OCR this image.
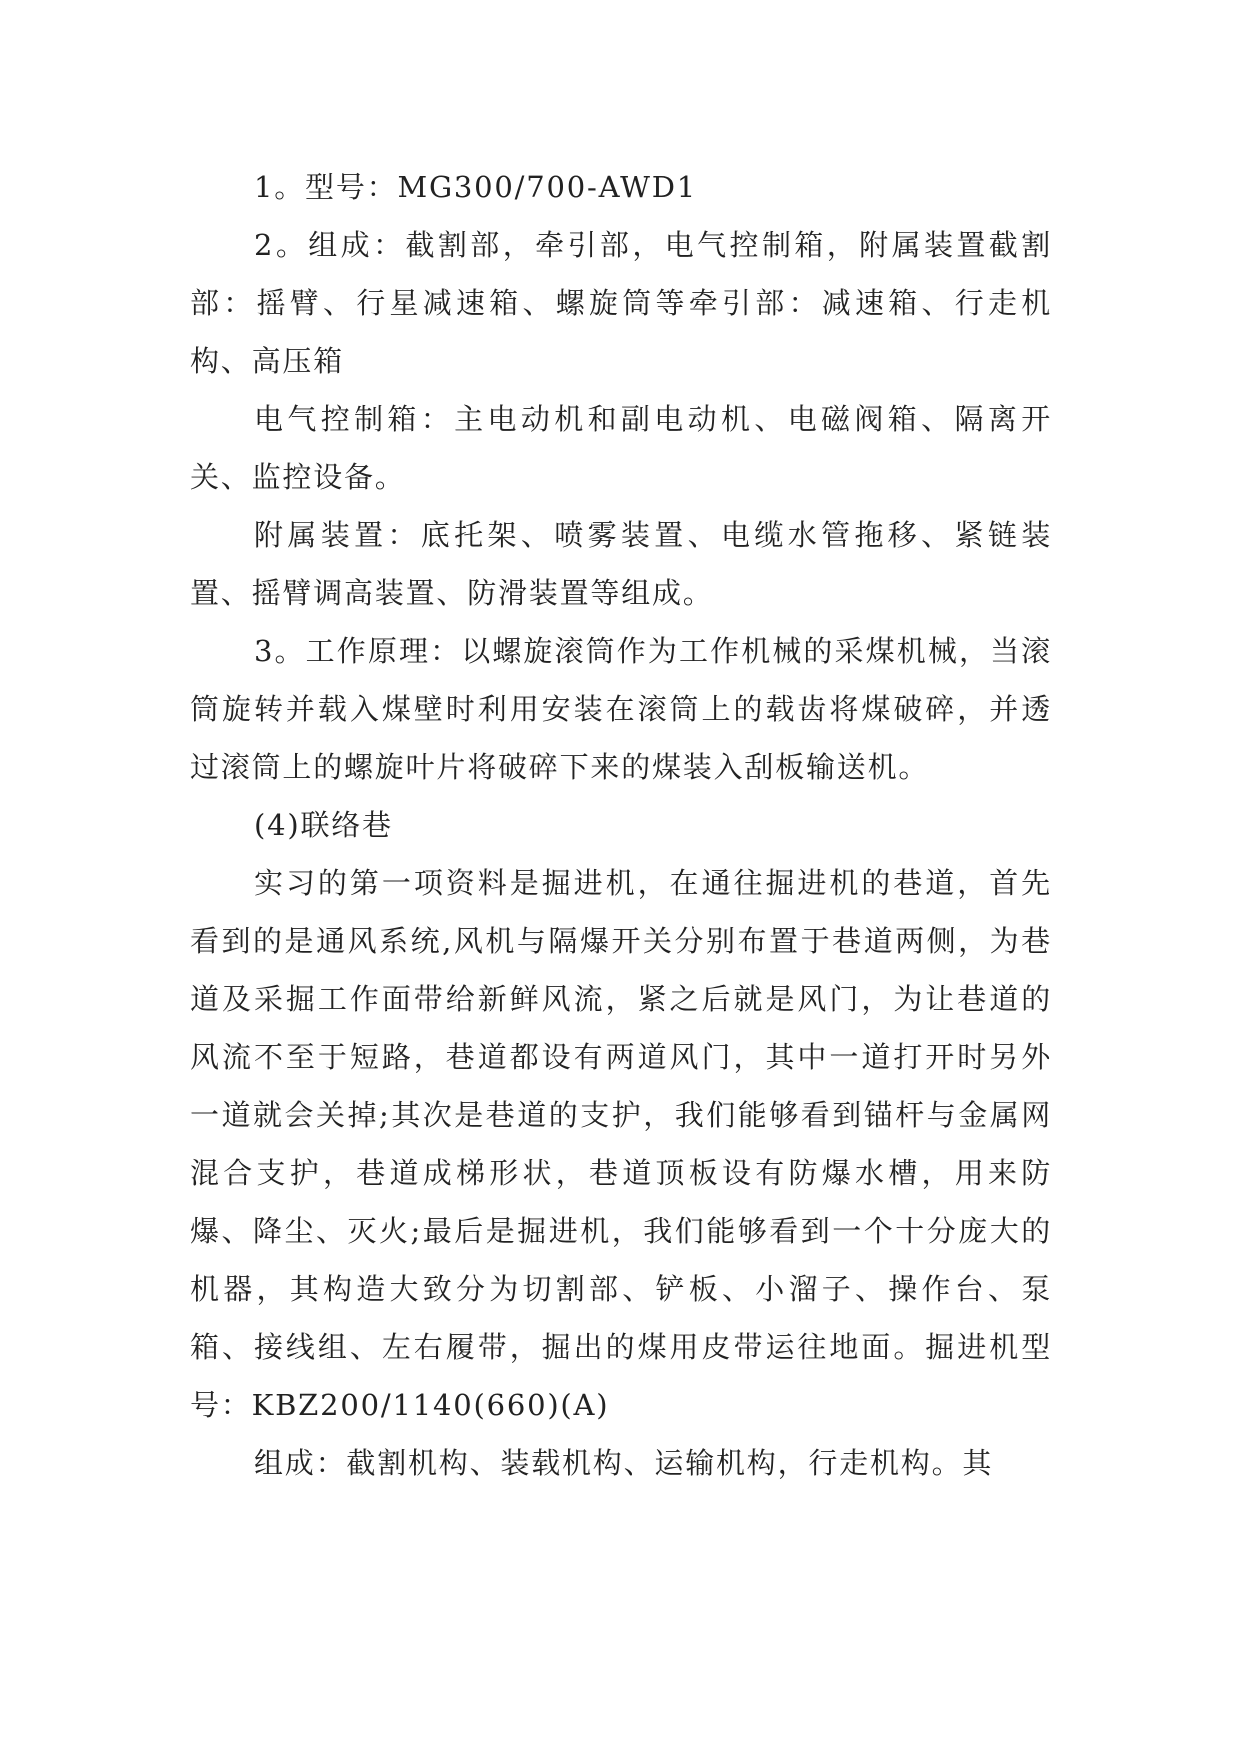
1。型号：MG300/700-AWD1

2。组成：截割部，牵引部，电气控制箱，附属装置截割部：摇臂、行星减速箱、螺旋筒等牵引部：减速箱、行走机构、高压箱

电气控制箱：主电动机和副电动机、电磁阀箱、隔离开关、监控设备。

附属装置：底托架、喷雾装置、电缆水管拖移、紧链装置、摇臂调高装置、防滑装置等组成。

3。工作原理：以螺旋滚筒作为工作机械的采煤机械，当滚筒旋转并载入煤壁时利用安装在滚筒上的载齿将煤破碎，并透过滚筒上的螺旋叶片将破碎下来的煤装入刮板输送机。

(4)联络巷

实习的第一项资料是掘进机，在通往掘进机的巷道，首先看到的是通风系统,风机与隔爆开关分别布置于巷道两侧，为巷道及采掘工作面带给新鲜风流，紧之后就是风门，为让巷道的风流不至于短路，巷道都设有两道风门，其中一道打开时另外一道就会关掉;其次是巷道的支护，我们能够看到锚杆与金属网混合支护，巷道成梯形状，巷道顶板设有防爆水槽，用来防爆、降尘、灭火;最后是掘进机，我们能够看到一个十分庞大的机器，其构造大致分为切割部、铲板、小溜子、操作台、泵箱、接线组、左右履带，掘出的煤用皮带运往地面。掘进机型号：KBZ200/1140(660)(A)

组成：截割机构、装载机构、运输机构，行走机构。其
